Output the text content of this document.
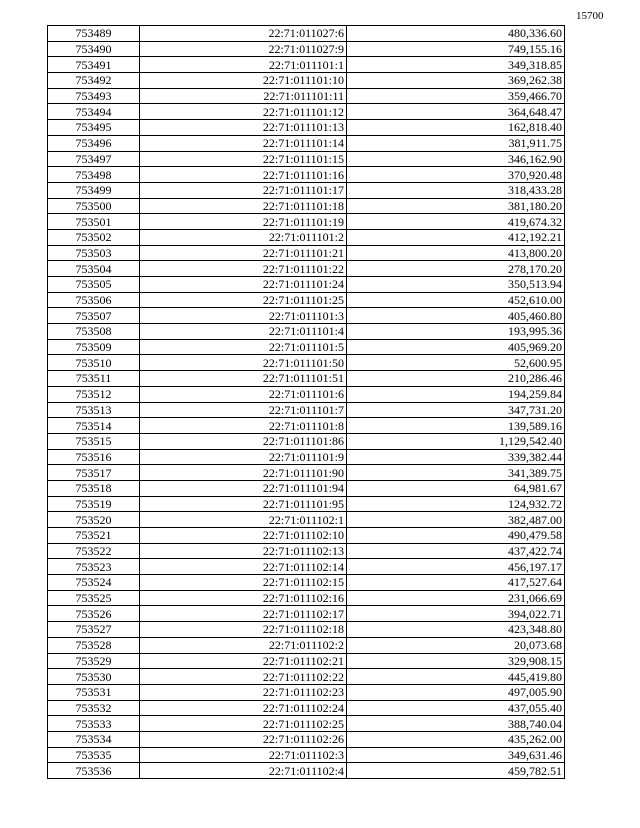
15700
753489	22:71:011027:6	480,336.60
753490	22:71:011027:9	749,155.16
753491	22:71:011101:1	349,318.85
753492	22:71:011101:10	369,262.38
753493	22:71:011101:11	359,466.70
753494	22:71:011101:12	364,648.47
753495	22:71:011101:13	162,818.40
753496	22:71:011101:14	381,911.75
753497	22:71:011101:15	346,162.90
753498	22:71:011101:16	370,920.48
753499	22:71:011101:17	318,433.28
753500	22:71:011101:18	381,180.20
753501	22:71:011101:19	419,674.32
753502	22:71:011101:2	412,192.21
753503	22:71:011101:21	413,800.20
753504	22:71:011101:22	278,170.20
753505	22:71:011101:24	350,513.94
753506	22:71:011101:25	452,610.00
753507	22:71:011101:3	405,460.80
753508	22:71:011101:4	193,995.36
753509	22:71:011101:5	405,969.20
753510	22:71:011101:50	52,600.95
753511	22:71:011101:51	210,286.46
753512	22:71:011101:6	194,259.84
753513	22:71:011101:7	347,731.20
753514	22:71:011101:8	139,589.16
753515	22:71:011101:86	1,129,542.40
753516	22:71:011101:9	339,382.44
753517	22:71:011101:90	341,389.75
753518	22:71:011101:94	64,981.67
753519	22:71:011101:95	124,932.72
753520	22:71:011102:1	382,487.00
753521	22:71:011102:10	490,479.58
753522	22:71:011102:13	437,422.74
753523	22:71:011102:14	456,197.17
753524	22:71:011102:15	417,527.64
753525	22:71:011102:16	231,066.69
753526	22:71:011102:17	394,022.71
753527	22:71:011102:18	423,348.80
753528	22:71:011102:2	20,073.68
753529	22:71:011102:21	329,908.15
753530	22:71:011102:22	445,419.80
753531	22:71:011102:23	497,005.90
753532	22:71:011102:24	437,055.40
753533	22:71:011102:25	388,740.04
753534	22:71:011102:26	435,262.00
753535	22:71:011102:3	349,631.46
753536	22:71:011102:4	459,782.51
